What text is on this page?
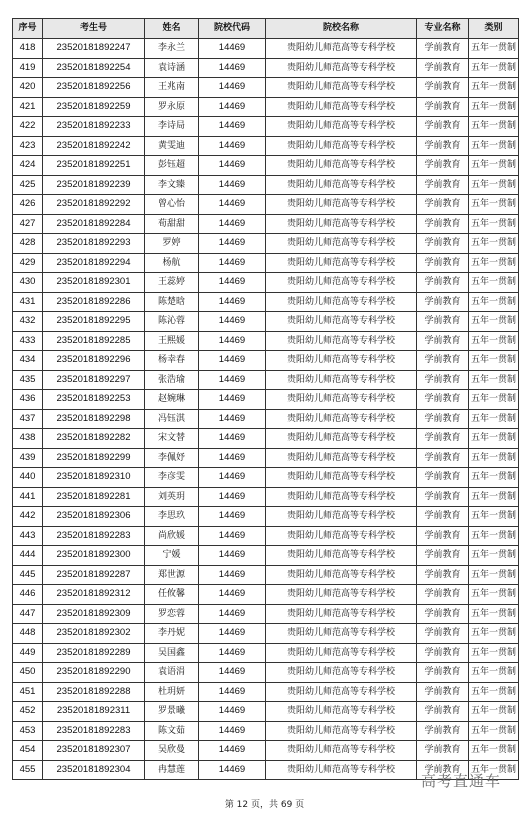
序号	考生号	姓名	院校代码	院校名称	专业名称	类别
418	23520181892247	李永兰	14469	贵阳幼儿师范高等专科学校	学前教育	五年一贯制
419	23520181892254	袁诗涵	14469	贵阳幼儿师范高等专科学校	学前教育	五年一贯制
420	23520181892256	王兆南	14469	贵阳幼儿师范高等专科学校	学前教育	五年一贯制
421	23520181892259	罗永原	14469	贵阳幼儿师范高等专科学校	学前教育	五年一贯制
422	23520181892233	李诗局	14469	贵阳幼儿师范高等专科学校	学前教育	五年一贯制
423	23520181892242	黄雯迪	14469	贵阳幼儿师范高等专科学校	学前教育	五年一贯制
424	23520181892251	彭钰超	14469	贵阳幼儿师范高等专科学校	学前教育	五年一贯制
425	23520181892239	李文臻	14469	贵阳幼儿师范高等专科学校	学前教育	五年一贯制
426	23520181892292	曾心怡	14469	贵阳幼儿师范高等专科学校	学前教育	五年一贯制
427	23520181892284	荀甜甜	14469	贵阳幼儿师范高等专科学校	学前教育	五年一贯制
428	23520181892293	罗婷	14469	贵阳幼儿师范高等专科学校	学前教育	五年一贯制
429	23520181892294	杨航	14469	贵阳幼儿师范高等专科学校	学前教育	五年一贯制
430	23520181892301	王蕊婷	14469	贵阳幼儿师范高等专科学校	学前教育	五年一贯制
431	23520181892286	陈楚晗	14469	贵阳幼儿师范高等专科学校	学前教育	五年一贯制
432	23520181892295	陈沁蓉	14469	贵阳幼儿师范高等专科学校	学前教育	五年一贯制
433	23520181892285	王熙媛	14469	贵阳幼儿师范高等专科学校	学前教育	五年一贯制
434	23520181892296	杨幸春	14469	贵阳幼儿师范高等专科学校	学前教育	五年一贯制
435	23520181892297	张浩瑜	14469	贵阳幼儿师范高等专科学校	学前教育	五年一贯制
436	23520181892253	赵婉琳	14469	贵阳幼儿师范高等专科学校	学前教育	五年一贯制
437	23520181892298	冯钰淇	14469	贵阳幼儿师范高等专科学校	学前教育	五年一贯制
438	23520181892282	宋文替	14469	贵阳幼儿师范高等专科学校	学前教育	五年一贯制
439	23520181892299	李佩妤	14469	贵阳幼儿师范高等专科学校	学前教育	五年一贯制
440	23520181892310	李彦雯	14469	贵阳幼儿师范高等专科学校	学前教育	五年一贯制
441	23520181892281	刘英玥	14469	贵阳幼儿师范高等专科学校	学前教育	五年一贯制
442	23520181892306	李思玖	14469	贵阳幼儿师范高等专科学校	学前教育	五年一贯制
443	23520181892283	尚欣媛	14469	贵阳幼儿师范高等专科学校	学前教育	五年一贯制
444	23520181892300	宁媛	14469	贵阳幼儿师范高等专科学校	学前教育	五年一贯制
445	23520181892287	郑世源	14469	贵阳幼儿师范高等专科学校	学前教育	五年一贯制
446	23520181892312	任攸馨	14469	贵阳幼儿师范高等专科学校	学前教育	五年一贯制
447	23520181892309	罗恋蓉	14469	贵阳幼儿师范高等专科学校	学前教育	五年一贯制
448	23520181892302	李丹妮	14469	贵阳幼儿师范高等专科学校	学前教育	五年一贯制
449	23520181892289	吴国鑫	14469	贵阳幼儿师范高等专科学校	学前教育	五年一贯制
450	23520181892290	袁语涓	14469	贵阳幼儿师范高等专科学校	学前教育	五年一贯制
451	23520181892288	杜玥妍	14469	贵阳幼儿师范高等专科学校	学前教育	五年一贯制
452	23520181892311	罗景曦	14469	贵阳幼儿师范高等专科学校	学前教育	五年一贯制
453	23520181892283	陈文茹	14469	贵阳幼儿师范高等专科学校	学前教育	五年一贯制
454	23520181892307	吴欣曼	14469	贵阳幼儿师范高等专科学校	学前教育	五年一贯制
455	23520181892304	冉慧莲	14469	贵阳幼儿师范高等专科学校	学前教育	五年一贯制
第 12 页，共 69 页
高考直通车
